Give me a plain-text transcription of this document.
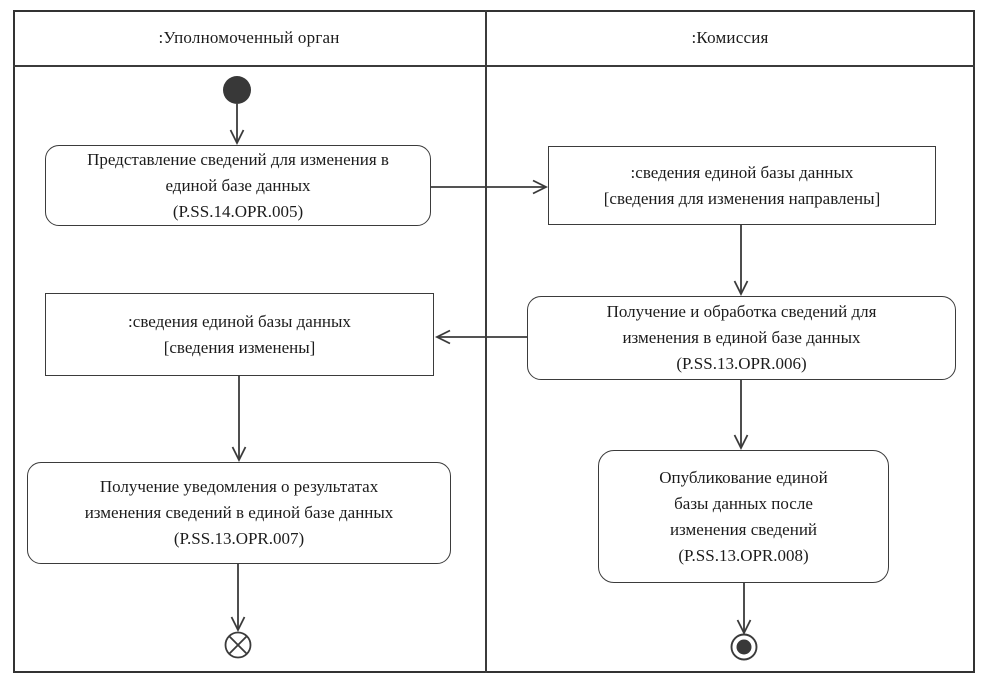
:Уполномоченный орган	:Комиссия
Представление сведений для изменения в
единой базе данных
(P.SS.14.OPR.005)
:сведения единой базы данных
[сведения для изменения направлены]
Получение и обработка сведений для
изменения в единой базе данных
(P.SS.13.OPR.006)
:сведения единой базы данных
[сведения изменены]
Получение уведомления о результатах
изменения сведений в единой базе данных
(P.SS.13.OPR.007)
Опубликование единой
базы данных после
изменения сведений
(P.SS.13.OPR.008)
